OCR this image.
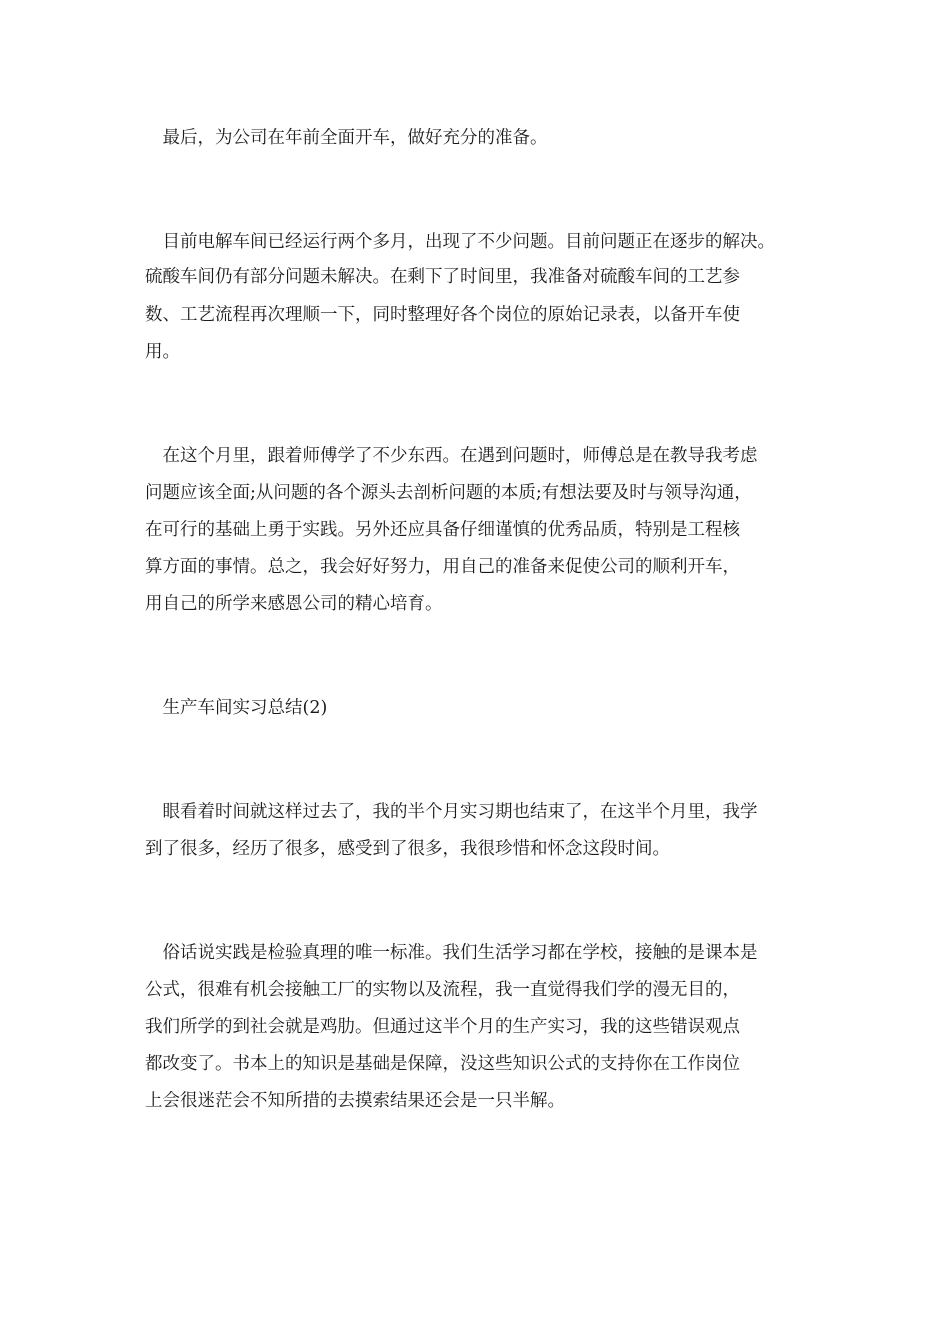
　最后，为公司在年前全面开车，做好充分的准备。
　目前电解车间已经运行两个多月，出现了不少问题。目前问题正在逐步的解决。
硫酸车间仍有部分问题未解决。在剩下了时间里，我准备对硫酸车间的工艺参
数、工艺流程再次理顺一下，同时整理好各个岗位的原始记录表，以备开车使
用。
　在这个月里，跟着师傅学了不少东西。在遇到问题时，师傅总是在教导我考虑
问题应该全面;从问题的各个源头去剖析问题的本质;有想法要及时与领导沟通，
在可行的基础上勇于实践。另外还应具备仔细谨慎的优秀品质，特别是工程核
算方面的事情。总之，我会好好努力，用自己的准备来促使公司的顺利开车，
用自己的所学来感恩公司的精心培育。
　生产车间实习总结(2)
　眼看着时间就这样过去了，我的半个月实习期也结束了，在这半个月里，我学
到了很多，经历了很多，感受到了很多，我很珍惜和怀念这段时间。
　俗话说实践是检验真理的唯一标准。我们生活学习都在学校，接触的是课本是
公式，很难有机会接触工厂的实物以及流程，我一直觉得我们学的漫无目的，
我们所学的到社会就是鸡肋。但通过这半个月的生产实习，我的这些错误观点
都改变了。书本上的知识是基础是保障，没这些知识公式的支持你在工作岗位
上会很迷茫会不知所措的去摸索结果还会是一只半解。
